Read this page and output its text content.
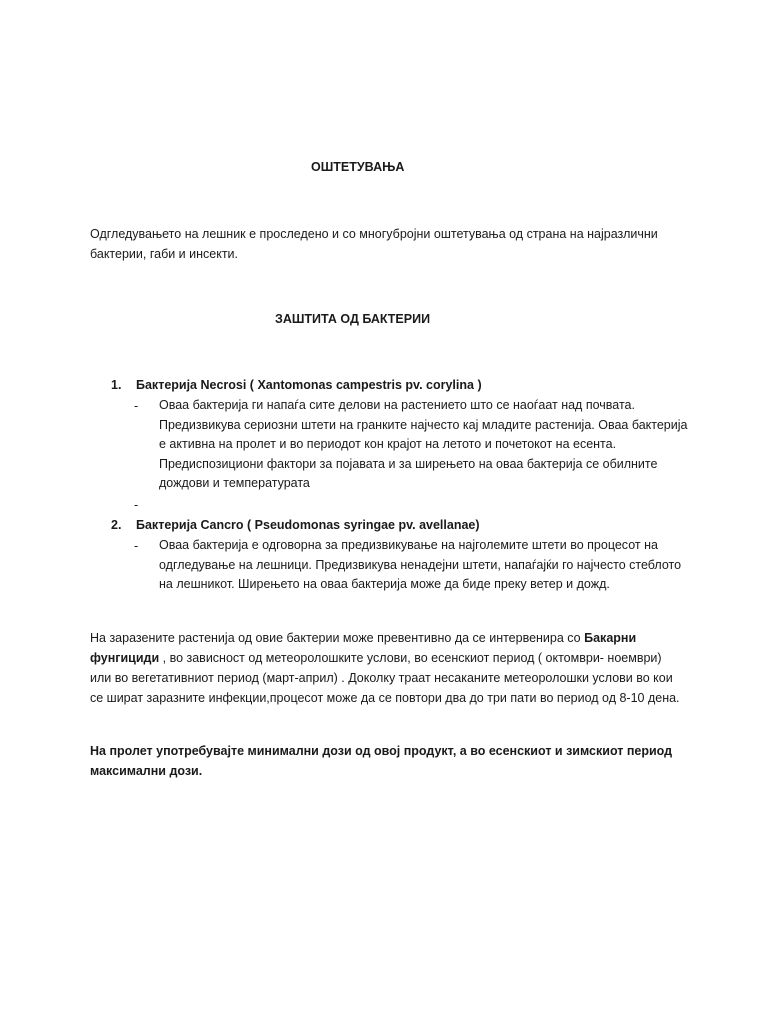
ОШТЕТУВАЊА

Одгледувањето на лешник е проследено и со многубројни оштетувања од страна на најразлични бактерии, габи и инсекти.

ЗАШТИТА ОД БАКТЕРИИ
1. Бактерија Necrosi ( Xantomonas campestris pv. corylina )
- Оваа бактерија ги напаѓа сите делови на растението што се наоѓаат над почвата. Предизвикува сериозни штети на гранките најчесто кај младите растенија. Оваа бактерија е активна на пролет и во периодот кон крајот на летото и почетокот на есента. Предиспозициони фактори за појавата и за ширењето на оваа бактерија се обилните дождови и температурата

-
2. Бактерија Cancro ( Pseudomonas syringae pv. avellanae)
- Оваа бактерија е одговорна за предизвикување на најголемите штети во процесот на одгледување на лешници. Предизвикува ненадејни штети, напаѓајќи го најчесто стеблото на лешникот. Ширењето на оваа бактерија може да биде преку ветер и дожд.

На заразените растенија од овие бактерии може превентивно да се интервенира со Бакарни фунгициди , во зависност од метеоролошките услови, во есенскиот период ( октомври- ноември) или во вегетативниот период (март-април) . Доколку траат несаканите метеоролошки услови во кои се шират заразните инфекции,процесот може да се повтори два до три пати во период од 8-10 дена.

На пролет употребувајте минимални дози од овој продукт, а во есенскиот и зимскиот период максимални дози.
